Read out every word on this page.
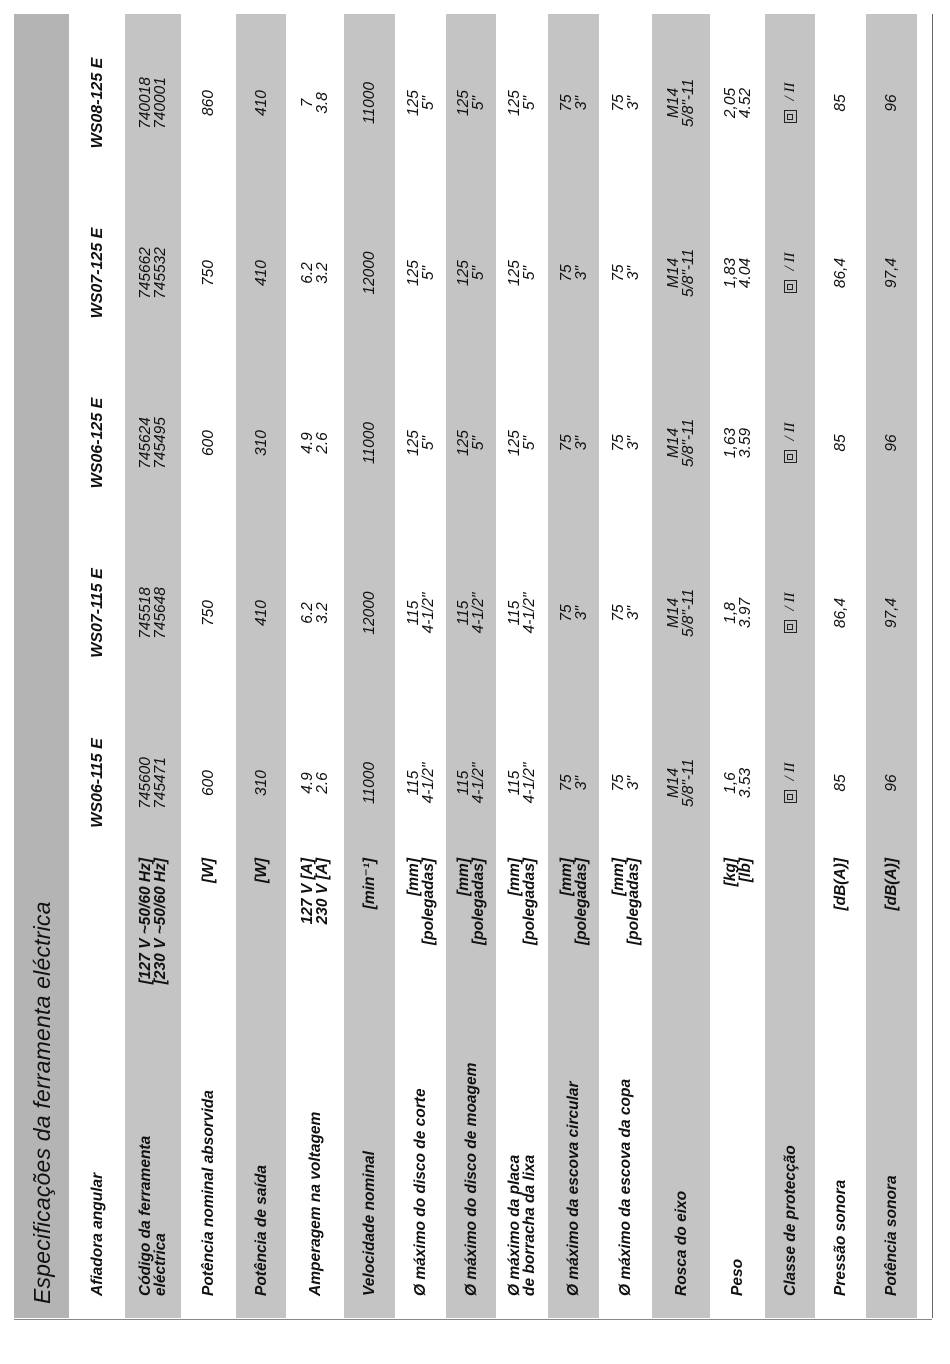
Especificações da ferramenta eléctrica	Afiadora angular
WS06-115 E
WS07-115 E
WS06-125 E
WS07-125 E
WS08-125 E
Código da ferramenta
eléctrica
[127 V ~50/60 Hz]
[230 V ~50/60 Hz]
745600
745471
745518
745648
745624
745495
745662
745532
740018
740001
Potência nominal absorvida
[W]
600
750
600
750
860
Potência de saída
[W]
310
410
310
410
410
Amperagem na voltagem
127 V [A]
230 V [A]
4.9
2.6
6.2
3.2
4.9
2.6
6.2
3.2
7
3.8
Velocidade nominal
[min⁻¹]
11000
12000
11000
12000
11000
Ø máximo do disco de corte
[mm]
[polegadas]
115
4-1/2"
115
4-1/2"
125
5"
125
5"
125
5"
Ø máximo do disco de moagem
[mm]
[polegadas]
115
4-1/2"
115
4-1/2"
125
5"
125
5"
125
5"
Ø máximo da placa
de borracha da lixa
[mm]
[polegadas]
115
4-1/2"
115
4-1/2"
125
5"
125
5"
125
5"
Ø máximo da escova circular
[mm]
[polegadas]
75
3"
75
3"
75
3"
75
3"
75
3"
Ø máximo da escova da copa
[mm]
[polegadas]
75
3"
75
3"
75
3"
75
3"
75
3"
Rosca do eixo
M14
5/8"-11
M14
5/8"-11
M14
5/8"-11
M14
5/8"-11
M14
5/8"-11
Peso
[kg]
[lb]
1,6
3.53
1,8
3.97
1,63
3.59
1,83
4.04
2,05
4.52
Classe de protecção
/ II
/ II
/ II
/ II
/ II
Pressão sonora
[dB(A)]
85
86,4
85
86,4
85
Potência sonora
[dB(A)]
96
97,4
96
97,4
96
